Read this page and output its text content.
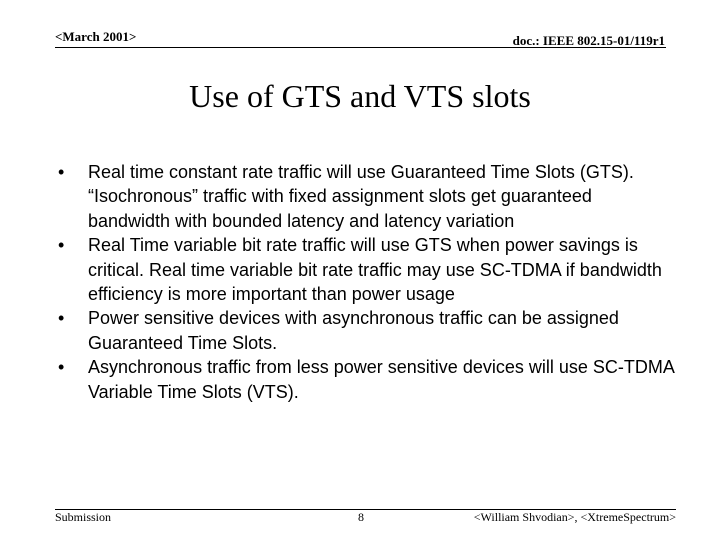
<March 2001>	doc.: IEEE 802.15-01/119r1
Use of GTS and VTS slots
•	Real time constant rate traffic will use Guaranteed Time Slots (GTS). “Isochronous” traffic with fixed assignment slots get guaranteed bandwidth with bounded latency and latency variation
•	Real Time variable bit rate traffic will use GTS when power savings is critical. Real time variable bit rate traffic may use SC-TDMA if bandwidth efficiency is more important than power usage
•	Power sensitive devices with asynchronous traffic can be assigned Guaranteed Time Slots.
•	Asynchronous traffic from less power sensitive devices will use SC-TDMA Variable Time Slots (VTS).
Submission	8	<William Shvodian>, <XtremeSpectrum>
